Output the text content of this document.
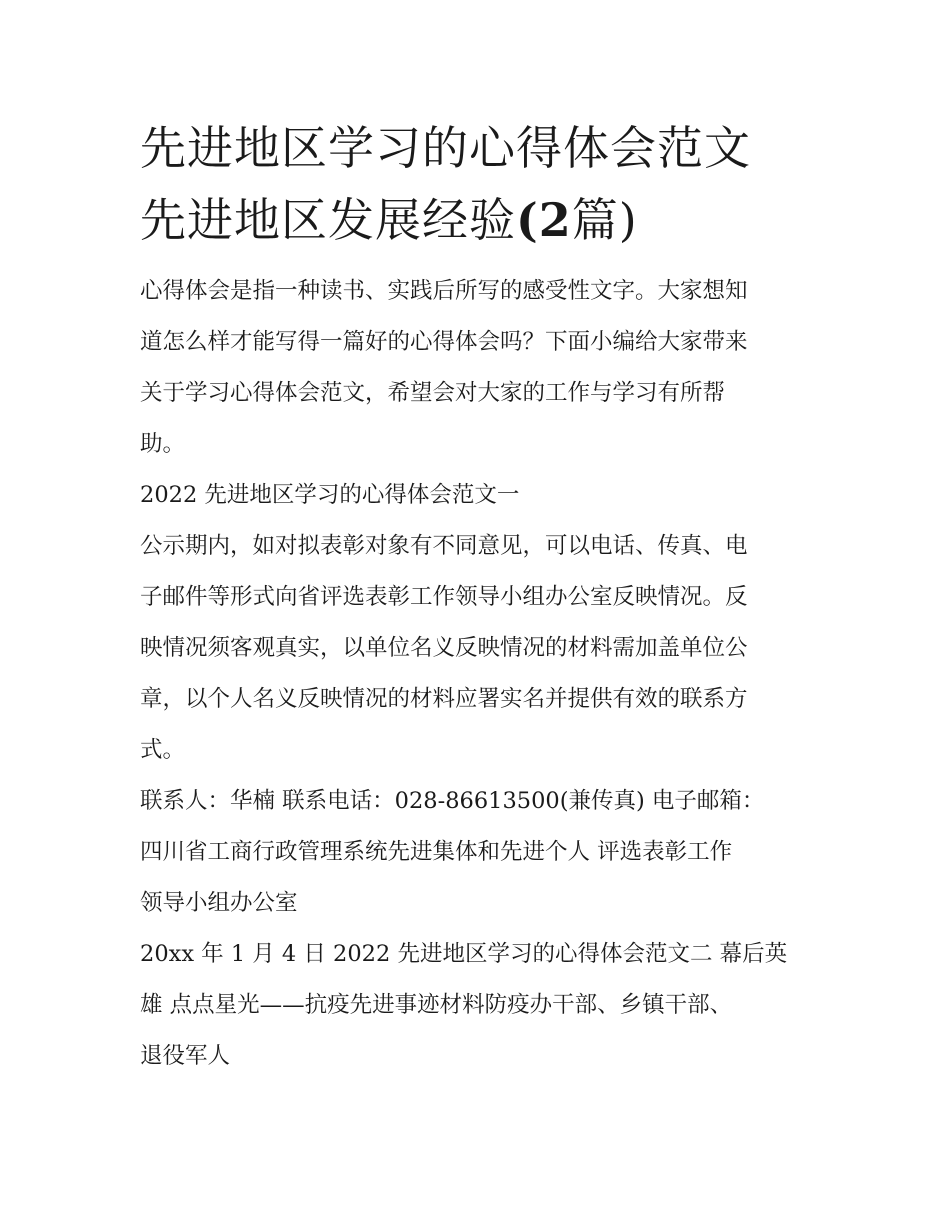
先进地区学习的心得体会范文
先进地区发展经验(2篇)

心得体会是指一种读书、实践后所写的感受性文字。大家想知

道怎么样才能写得一篇好的心得体会吗？下面小编给大家带来

关于学习心得体会范文，希望会对大家的工作与学习有所帮

助。

2022 先进地区学习的心得体会范文一

公示期内，如对拟表彰对象有不同意见，可以电话、传真、电

子邮件等形式向省评选表彰工作领导小组办公室反映情况。反

映情况须客观真实，以单位名义反映情况的材料需加盖单位公

章，以个人名义反映情况的材料应署实名并提供有效的联系方

式。

联系人：华楠 联系电话：028-86613500(兼传真) 电子邮箱：

四川省工商行政管理系统先进集体和先进个人 评选表彰工作

领导小组办公室

20xx 年 1 月 4 日 2022 先进地区学习的心得体会范文二 幕后英

雄 点点星光——抗疫先进事迹材料防疫办干部、乡镇干部、

退役军人
